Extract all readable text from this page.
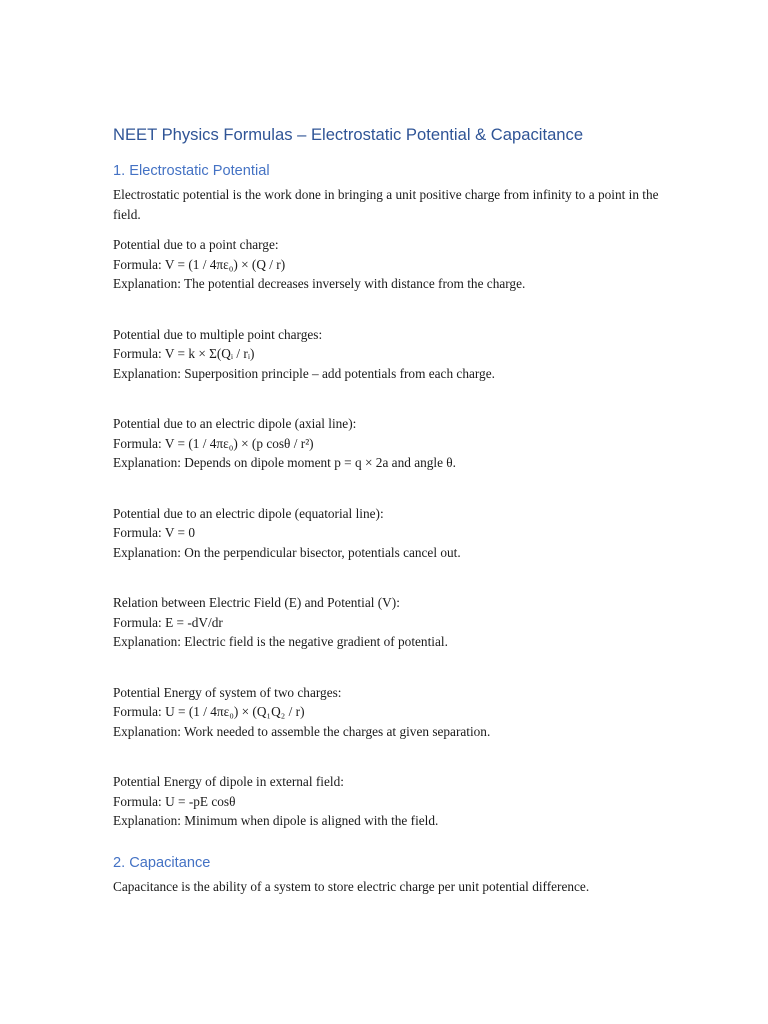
NEET Physics Formulas – Electrostatic Potential & Capacitance
1. Electrostatic Potential

Electrostatic potential is the work done in bringing a unit positive charge from infinity to a point in the field.

Potential due to a point charge:

Formula: V = (1 / 4πε₀) × (Q / r)

Explanation: The potential decreases inversely with distance from the charge.

Potential due to multiple point charges:

Formula: V = k × Σ(Qᵢ / rᵢ)

Explanation: Superposition principle – add potentials from each charge.

Potential due to an electric dipole (axial line):

Formula: V = (1 / 4πε₀) × (p cosθ / r²)

Explanation: Depends on dipole moment p = q × 2a and angle θ.

Potential due to an electric dipole (equatorial line):

Formula: V = 0

Explanation: On the perpendicular bisector, potentials cancel out.

Relation between Electric Field (E) and Potential (V):

Formula: E = -dV/dr

Explanation: Electric field is the negative gradient of potential.

Potential Energy of system of two charges:

Formula: U = (1 / 4πε₀) × (Q₁Q₂ / r)

Explanation: Work needed to assemble the charges at given separation.

Potential Energy of dipole in external field:

Formula: U = -pE cosθ

Explanation: Minimum when dipole is aligned with the field.

2. Capacitance

Capacitance is the ability of a system to store electric charge per unit potential difference.
